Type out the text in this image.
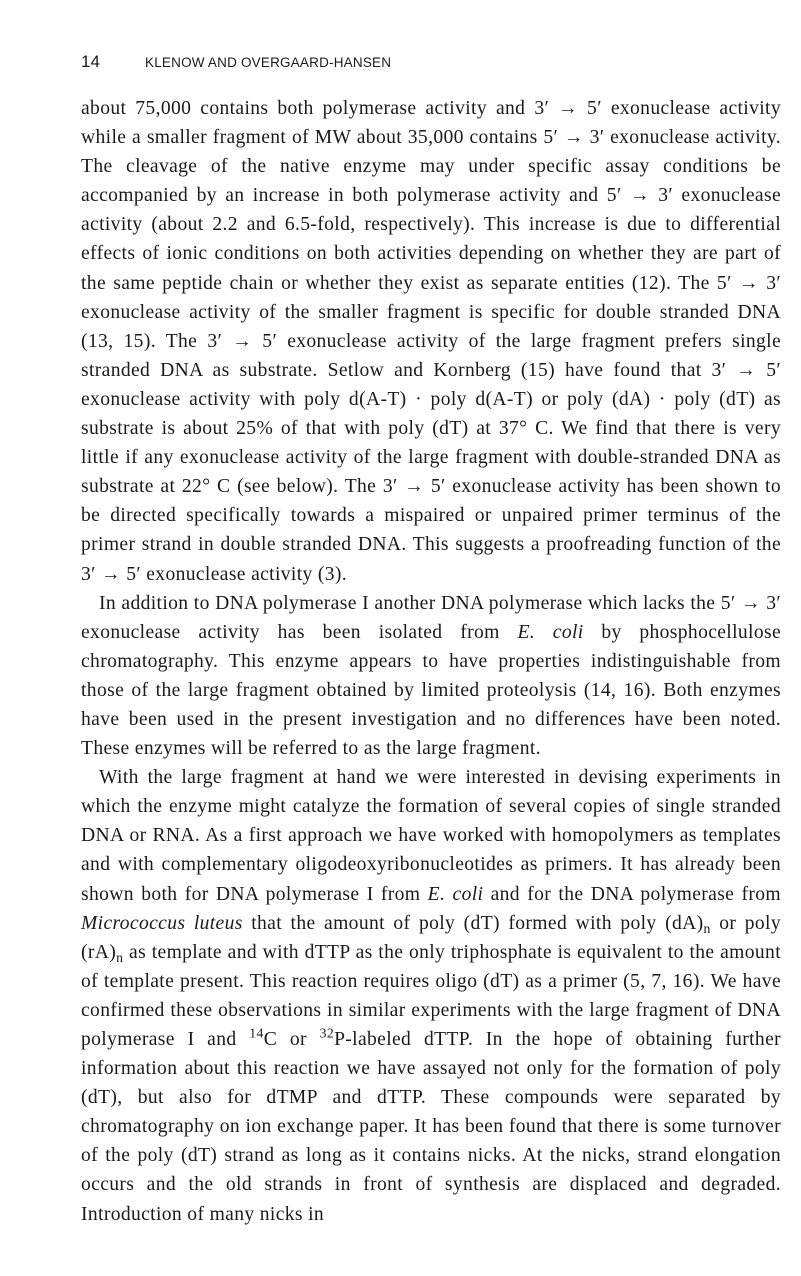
14	KLENOW AND OVERGAARD-HANSEN

about 75,000 contains both polymerase activity and 3′ → 5′ exonuclease activity while a smaller fragment of MW about 35,000 contains 5′ → 3′ exonuclease activity. The cleavage of the native enzyme may under specific assay conditions be accompanied by an increase in both polymerase activity and 5′ → 3′ exonuclease activity (about 2.2 and 6.5-fold, respectively). This increase is due to differential effects of ionic conditions on both activities depending on whether they are part of the same peptide chain or whether they exist as separate entities (12). The 5′ → 3′ exonuclease activity of the smaller fragment is specific for double stranded DNA (13, 15). The 3′ → 5′ exonuclease activity of the large fragment prefers single stranded DNA as substrate. Setlow and Kornberg (15) have found that 3′ → 5′ exonuclease activity with poly d(A-T) · poly d(A-T) or poly (dA) · poly (dT) as substrate is about 25% of that with poly (dT) at 37° C. We find that there is very little if any exonuclease activity of the large fragment with double-stranded DNA as substrate at 22° C (see below). The 3′ → 5′ exonuclease activity has been shown to be directed specifically towards a mispaired or unpaired primer terminus of the primer strand in double stranded DNA. This suggests a proofreading function of the 3′ → 5′ exonuclease activity (3).

In addition to DNA polymerase I another DNA polymerase which lacks the 5′ → 3′ exonuclease activity has been isolated from E. coli by phosphocellulose chromatography. This enzyme appears to have properties indistinguishable from those of the large fragment obtained by limited proteolysis (14, 16). Both enzymes have been used in the present investigation and no differences have been noted. These enzymes will be referred to as the large fragment.

With the large fragment at hand we were interested in devising experiments in which the enzyme might catalyze the formation of several copies of single stranded DNA or RNA. As a first approach we have worked with homopolymers as templates and with complementary oligodeoxyribonucleotides as primers. It has already been shown both for DNA polymerase I from E. coli and for the DNA polymerase from Micrococcus luteus that the amount of poly (dT) formed with poly $(dA)_n$ or poly $(rA)_n$ as template and with dTTP as the only triphosphate is equivalent to the amount of template present. This reaction requires oligo (dT) as a primer (5, 7, 16). We have confirmed these observations in similar experiments with the large fragment of DNA polymerase I and $^{14}$C or $^{32}$P-labeled dTTP. In the hope of obtaining further information about this reaction we have assayed not only for the formation of poly (dT), but also for dTMP and dTTP. These compounds were separated by chromatography on ion exchange paper. It has been found that there is some turnover of the poly (dT) strand as long as it contains nicks. At the nicks, strand elongation occurs and the old strands in front of synthesis are displaced and degraded. Introduction of many nicks in
